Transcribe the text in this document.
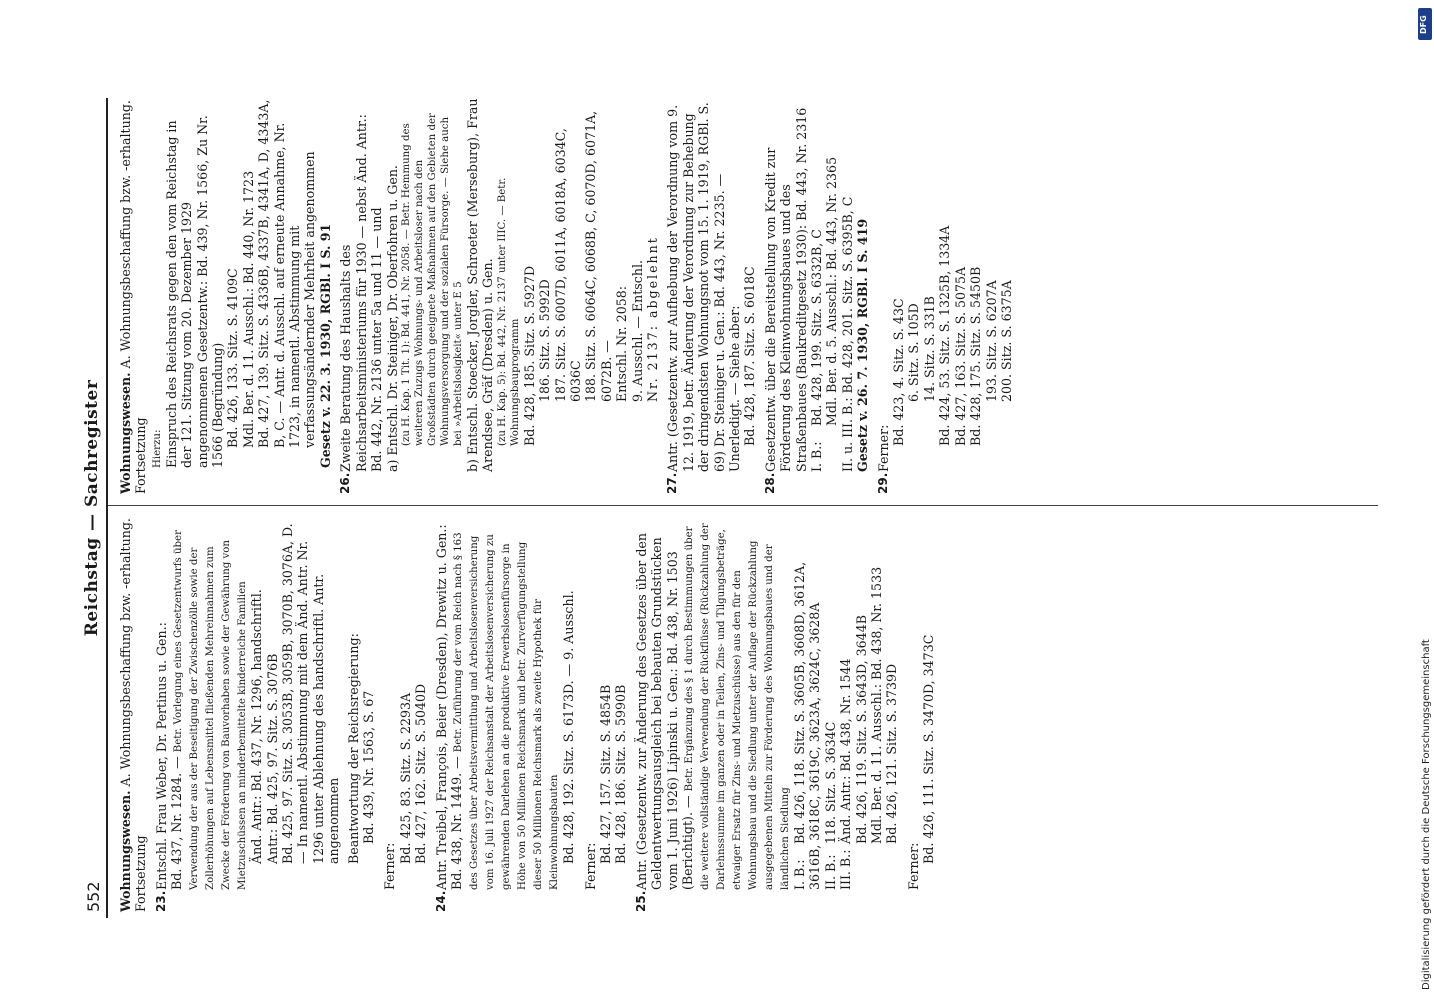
552
Reichstag — Sachregister
Wohnungswesen. A. Wohnungsbeschaffung bzw. -erhaltung. Fortsetzung 23.
Entschl. Frau Weber, Dr. Pertinus u. Gen.: Bd. 437, Nr. 1284. — Betr. Vorlegung eines Gesetzentwurfs über Verwendung der aus der Beseitigung der Zwischenzölle sowie der Zollerhöhungen auf Lebensmittel fließenden Mehreinnahmen zum Zwecke der Förderung von Bauvorhaben sowie der Gewährung von Mietzuschüssen an minderbemittelte kinderreiche Familien Änd. Antr.: Bd. 437, Nr. 1296, handschriftl. Antr.: Bd. 425, 97. Sitz. S. 3076B Bd. 425, 97. Sitz. S. 3053B, 3059B, 3070B, 3076A, D. — In namentl. Abstimmung mit dem Änd. Antr. Nr. 1296 unter Ablehnung des handschriftl. Antr. angenommen Beantwortung der Reichsregierung: Bd. 439, Nr. 1563, S. 67
Ferner:
Bd. 425, 83. Sitz. S. 2293A Bd. 427, 162. Sitz. S. 5040D
24.
Antr. Treibel, François, Beier (Dresden), Drewitz u. Gen.: Bd. 438, Nr. 1449. — Betr. Zuführung der vom Reich nach § 163 des Gesetzes über Arbeitsvermittlung und Arbeitslosenversicherung vom 16. Juli 1927 der Reichsanstalt der Arbeitslosenversicherung zu gewährenden Darlehen an die produktive Erwerbslosenfürsorge in Höhe von 50 Millionen Reichsmark und betr. Zurverfügungstellung dieser 50 Millionen Reichsmark als zweite Hypothek für Kleinwohnungsbauten Bd. 428, 192. Sitz. S. 6173D. — 9. Ausschl.
Ferner:
Bd. 427, 157. Sitz. S. 4854B Bd. 428, 186. Sitz. S. 5990B
25.
Antr. (Gesetzentw. zur Änderung des Gesetzes über den Geldentwertungsausgleich bei bebauten Grundstücken vom 1. Juni 1926) Lipinski u. Gen.: Bd. 438, Nr. 1503 (Berichtigt). — Betr. Ergänzung des § 1 durch Bestimmungen über die weitere vollständige Verwendung der Rückflüsse (Rückzahlung der Darlehnssumme im ganzen oder in Teilen, Zins- und Tilgungsbeträge, etwaiger Ersatz für Zins- und Mietzuschüsse) aus den für den Wohnungsbau und die Siedlung unter der Auflage der Rückzahlung ausgegebenen Mitteln zur Förderung des Wohnungsbaues und der ländlichen Siedlung I. B.:Bd. 426, 118. Sitz. S. 3605B, 3608D, 3612A, 3616B, 3618C, 3619C, 3623A, 3624C, 3628A II. B.:118. Sitz. S. 3634C
III. B.:Änd. Antr.: Bd. 438, Nr. 1544 Bd. 426, 119. Sitz. S. 3643D, 3644B Mdl. Ber. d. 11. Ausschl.: Bd. 438, Nr. 1533 Bd. 426, 121. Sitz. S. 3739D
Ferner:
Bd. 426, 111. Sitz. S. 3470D, 3473C
Wohnungswesen. A. Wohnungsbeschaffung bzw. -erhaltung. Fortsetzung Hierzu: Einspruch des Reichsrats gegen den vom Reichstag in der 121. Sitzung vom 20. Dezember 1929 angenommenen Gesetzentw.: Bd. 439, Nr. 1566, Zu Nr. 1566 (Begründung) Bd. 426, 133. Sitz. S. 4109C Mdl. Ber. d. 11. Ausschl.: Bd. 440, Nr. 1723 Bd. 427, 139. Sitz. S. 4336B, 4337B, 4341A, D, 4343A, B, C. — Antr. d. Ausschl. auf erneute Annahme, Nr. 1723, in namentl. Abstimmung mit verfassungsändernder Mehrheit angenommen Gesetz v. 22. 3. 1930, RGBl. I S. 91
26.
Zweite Beratung des Haushalts des Reichsarbeitsministeriums für 1930 — nebst Änd. Antr.: Bd. 442, Nr. 2136 unter 5a und 11 — und a) Entschl. Dr. Steiniger, Dr. Oberfohren u. Gen. (zu H. Kap. 1 Tit. 1): Bd. 441, Nr. 2058. — Betr. Hemmung des weiteren Zuzugs Wohnungs- und Arbeitsloser nach den Großstädten durch geeignete Maßnahmen auf den Gebieten der Wohnungsversorgung und der sozialen Fürsorge. — Siehe auch bei »Arbeitslosigkeit« unter E 5 b) Entschl. Stoecker, Jorgler, Schroeter (Merseburg), Frau Arendsee, Gräf (Dresden) u. Gen. (zu H. Kap. 5): Bd. 442, Nr. 2137 unter IIIC. — Betr. Wohnungsbauprogramm Bd. 428, 185. Sitz. S. 5927D 186. Sitz. S. 5992D 187. Sitz. S. 6007D, 6011A, 6018A, 6034C, 6036C 188. Sitz. S. 6064C, 6068B, C, 6070D, 6071A, 6072B. — Entschl. Nr. 2058: 9. Ausschl. — Entschl. Nr. 2137: abgelehnt
27.
Antr. (Gesetzentw. zur Aufhebung der Verordnung vom 9. 12. 1919, betr. Änderung der Verordnung zur Behebung der dringendsten Wohnungsnot vom 15. 1. 1919, RGBl. S. 69) Dr. Steiniger u. Gen.: Bd. 443, Nr. 2235. — Unerledigt. — Siehe aber: Bd. 428, 187. Sitz. S. 6018C
28.
Gesetzentw. über die Bereitstellung von Kredit zur Förderung des Kleinwohnungsbaues und des Straßenbaues (Baukreditgesetz 1930): Bd. 443, Nr. 2316 I. B.:Bd. 428, 199. Sitz. S. 6332B, C Mdl. Ber. d. 5. Ausschl.: Bd. 443, Nr. 2365
II. u. III. B.: Bd. 428, 201. Sitz. S. 6395B, C Gesetz v. 26. 7. 1930, RGBl. I S. 419
29.
Ferner:
Bd. 423, 4. Sitz. S. 43C 6. Sitz. S. 105D 14. Sitz. S. 331B Bd. 424, 53. Sitz. S. 1325B, 1334A Bd. 427, 163. Sitz. S. 5075A Bd. 428, 175. Sitz. S. 5450B 193. Sitz. S. 6207A 200. Sitz. S. 6375A
Digitalisierung gefördert durch die Deutsche Forschungsgemeinschaft
DFG
